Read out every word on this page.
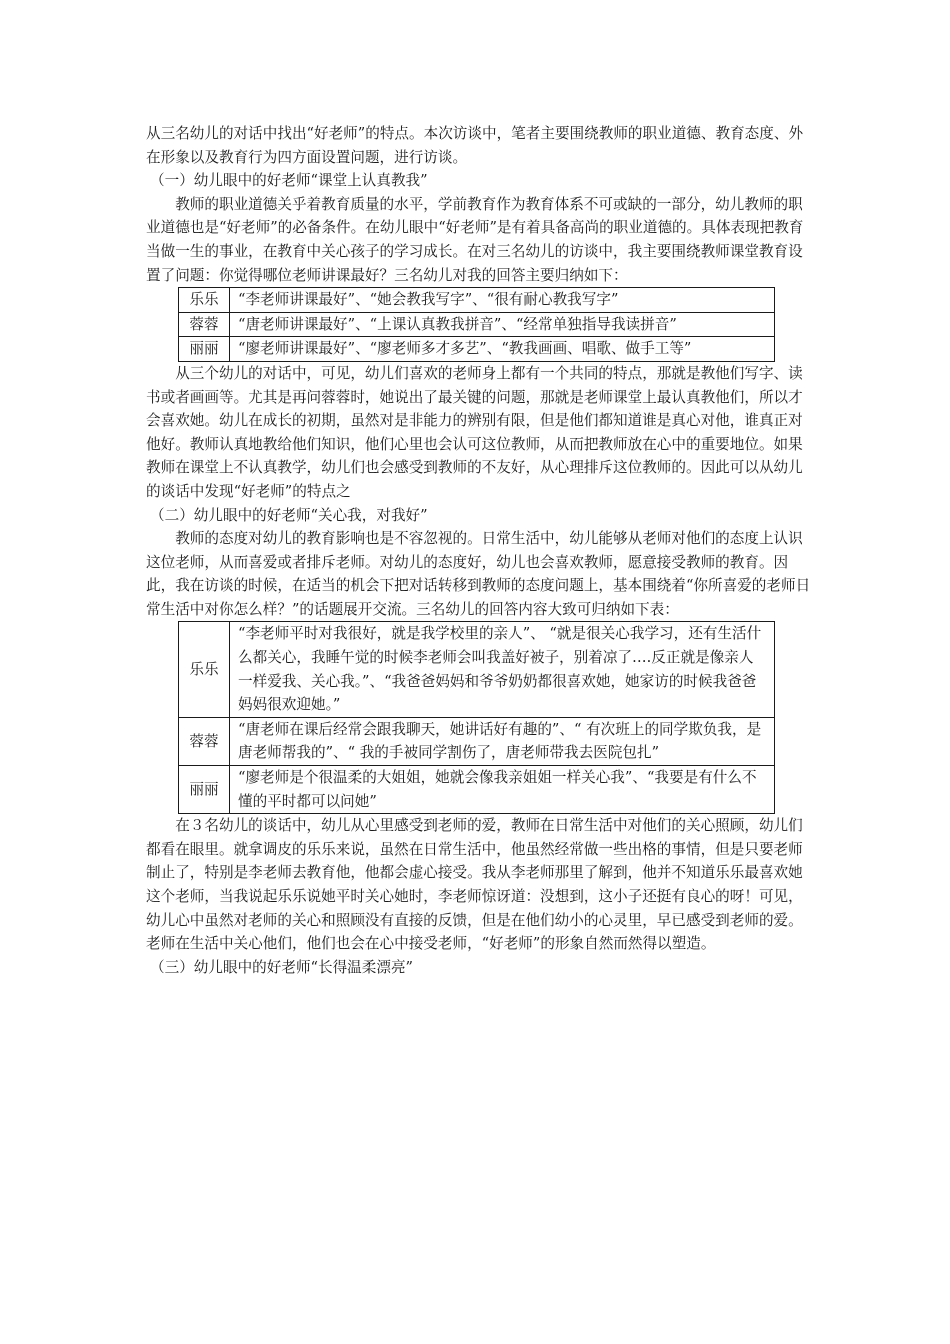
从三名幼儿的对话中找出“好老师”的特点。本次访谈中，笔者主要围绕教师的职业道德、教育态度、外在形象以及教育行为四方面设置问题，进行访谈。

（一）幼儿眼中的好老师“课堂上认真教我”

教师的职业道德关乎着教育质量的水平，学前教育作为教育体系不可或缺的一部分，幼儿教师的职业道德也是“好老师”的必备条件。在幼儿眼中“好老师”是有着具备高尚的职业道德的。具体表现把教育当做一生的事业，在教育中关心孩子的学习成长。在对三名幼儿的访谈中，我主要围绕教师课堂教育设置了问题：你觉得哪位老师讲课最好？三名幼儿对我的回答主要归纳如下：

乐乐	“李老师讲课最好”、“她会教我写字”、“很有耐心教我写字”
蓉蓉	“唐老师讲课最好”、“上课认真教我拼音”、“经常单独指导我读拼音”
丽丽	“廖老师讲课最好”、“廖老师多才多艺”、“教我画画、唱歌、做手工等”

从三个幼儿的对话中，可见，幼儿们喜欢的老师身上都有一个共同的特点，那就是教他们写字、读书或者画画等。尤其是再问蓉蓉时，她说出了最关键的问题，那就是老师课堂上最认真教他们，所以才会喜欢她。幼儿在成长的初期，虽然对是非能力的辨别有限，但是他们都知道谁是真心对他，谁真正对他好。教师认真地教给他们知识，他们心里也会认可这位教师，从而把教师放在心中的重要地位。如果教师在课堂上不认真教学，幼儿们也会感受到教师的不友好，从心理排斥这位教师的。因此可以从幼儿的谈话中发现“好老师”的特点之

（二）幼儿眼中的好老师“关心我，对我好”

教师的态度对幼儿的教育影响也是不容忽视的。日常生活中，幼儿能够从老师对他们的态度上认识这位老师，从而喜爱或者排斥老师。对幼儿的态度好，幼儿也会喜欢教师，愿意接受教师的教育。因此，我在访谈的时候，在适当的机会下把对话转移到教师的态度问题上，基本围绕着“你所喜爱的老师日常生活中对你怎么样？”的话题展开交流。三名幼儿的回答内容大致可归纳如下表：

乐乐	“李老师平时对我很好，就是我学校里的亲人”、 “就是很关心我学习，还有生活什么都关心，我睡午觉的时候李老师会叫我盖好被子，别着凉了….反正就是像亲人一样爱我、关心我。”、“我爸爸妈妈和爷爷奶奶都很喜欢她，她家访的时候我爸爸妈妈很欢迎她。”
蓉蓉	“唐老师在课后经常会跟我聊天，她讲话好有趣的”、“ 有次班上的同学欺负我，是唐老师帮我的”、“ 我的手被同学割伤了，唐老师带我去医院包扎”
丽丽	“廖老师是个很温柔的大姐姐，她就会像我亲姐姐一样关心我”、“我要是有什么不懂的平时都可以问她”

在３名幼儿的谈话中，幼儿从心里感受到老师的爱，教师在日常生活中对他们的关心照顾，幼儿们都看在眼里。就拿调皮的乐乐来说，虽然在日常生活中，他虽然经常做一些出格的事情，但是只要老师制止了，特别是李老师去教育他，他都会虚心接受。我从李老师那里了解到，他并不知道乐乐最喜欢她这个老师，当我说起乐乐说她平时关心她时，李老师惊讶道：没想到，这小子还挺有良心的呀！可见，幼儿心中虽然对老师的关心和照顾没有直接的反馈，但是在他们幼小的心灵里，早已感受到老师的爱。老师在生活中关心他们，他们也会在心中接受老师，“好老师”的形象自然而然得以塑造。

（三）幼儿眼中的好老师“长得温柔漂亮”
